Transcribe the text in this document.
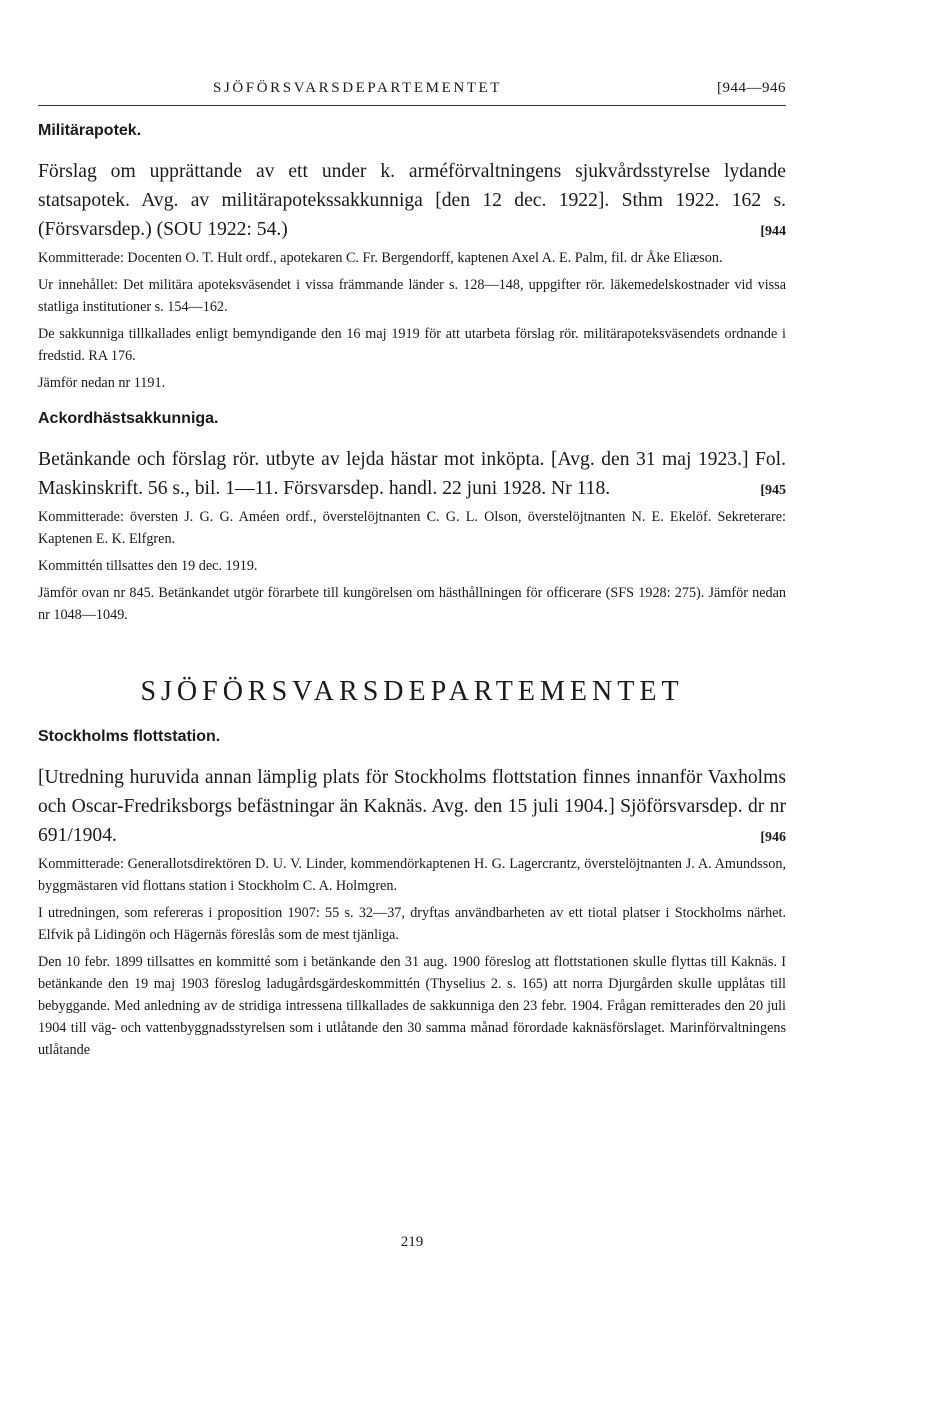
SJÖFÖRSVARSDEPARTEMENTET	[944—946
Militärapotek.

Förslag om upprättande av ett under k. arméförvaltningens sjukvårdsstyrelse lydande statsapotek. Avg. av militärapotekssakkunniga [den 12 dec. 1922]. Sthm 1922. 162 s. (Försvarsdep.) (SOU 1922: 54.)	[944

Kommitterade: Docenten O. T. Hult ordf., apotekaren C. Fr. Bergendorff, kaptenen Axel A. E. Palm, fil. dr Åke Eliæson.

Ur innehållet: Det militära apoteksväsendet i vissa främmande länder s. 128—148, uppgifter rör. läkemedelskostnader vid vissa statliga institutioner s. 154—162.

De sakkunniga tillkallades enligt bemyndigande den 16 maj 1919 för att utarbeta förslag rör. militärapoteksväsendets ordnande i fredstid. RA 176.

Jämför nedan nr 1191.

Ackordhästsakkunniga.

Betänkande och förslag rör. utbyte av lejda hästar mot inköpta. [Avg. den 31 maj 1923.] Fol. Maskinskrift. 56 s., bil. 1—11. Försvarsdep. handl. 22 juni 1928. Nr 118.	[945

Kommitterade: översten J. G. G. Améen ordf., överstelöjtnanten C. G. L. Olson, överstelöjtnanten N. E. Ekelöf. Sekreterare: Kaptenen E. K. Elfgren.

Kommittén tillsattes den 19 dec. 1919.

Jämför ovan nr 845. Betänkandet utgör förarbete till kungörelsen om hästhållningen för officerare (SFS 1928: 275). Jämför nedan nr 1048—1049.

SJÖFÖRSVARSDEPARTEMENTET
Stockholms flottstation.

[Utredning huruvida annan lämplig plats för Stockholms flottstation finnes innanför Vaxholms och Oscar-Fredriksborgs befästningar än Kaknäs. Avg. den 15 juli 1904.] Sjöförsvarsdep. dr nr 691/1904.	[946

Kommitterade: Generallotsdirektören D. U. V. Linder, kommendörkaptenen H. G. Lagercrantz, överstelöjtnanten J. A. Amundsson, byggmästaren vid flottans station i Stockholm C. A. Holmgren.

I utredningen, som refereras i proposition 1907: 55 s. 32—37, dryftas användbarheten av ett tiotal platser i Stockholms närhet. Elfvik på Lidingön och Hägernäs föreslås som de mest tjänliga.

Den 10 febr. 1899 tillsattes en kommitté som i betänkande den 31 aug. 1900 föreslog att flottstationen skulle flyttas till Kaknäs. I betänkande den 19 maj 1903 föreslog ladugårdsgärdeskommittén (Thyselius 2. s. 165) att norra Djurgården skulle upplåtas till bebyggande. Med anledning av de stridiga intressena tillkallades de sakkunniga den 23 febr. 1904. Frågan remitterades den 20 juli 1904 till väg- och vattenbyggnadsstyrelsen som i utlåtande den 30 samma månad förordade kaknäsförslaget. Marinförvaltningens utlåtande

219
